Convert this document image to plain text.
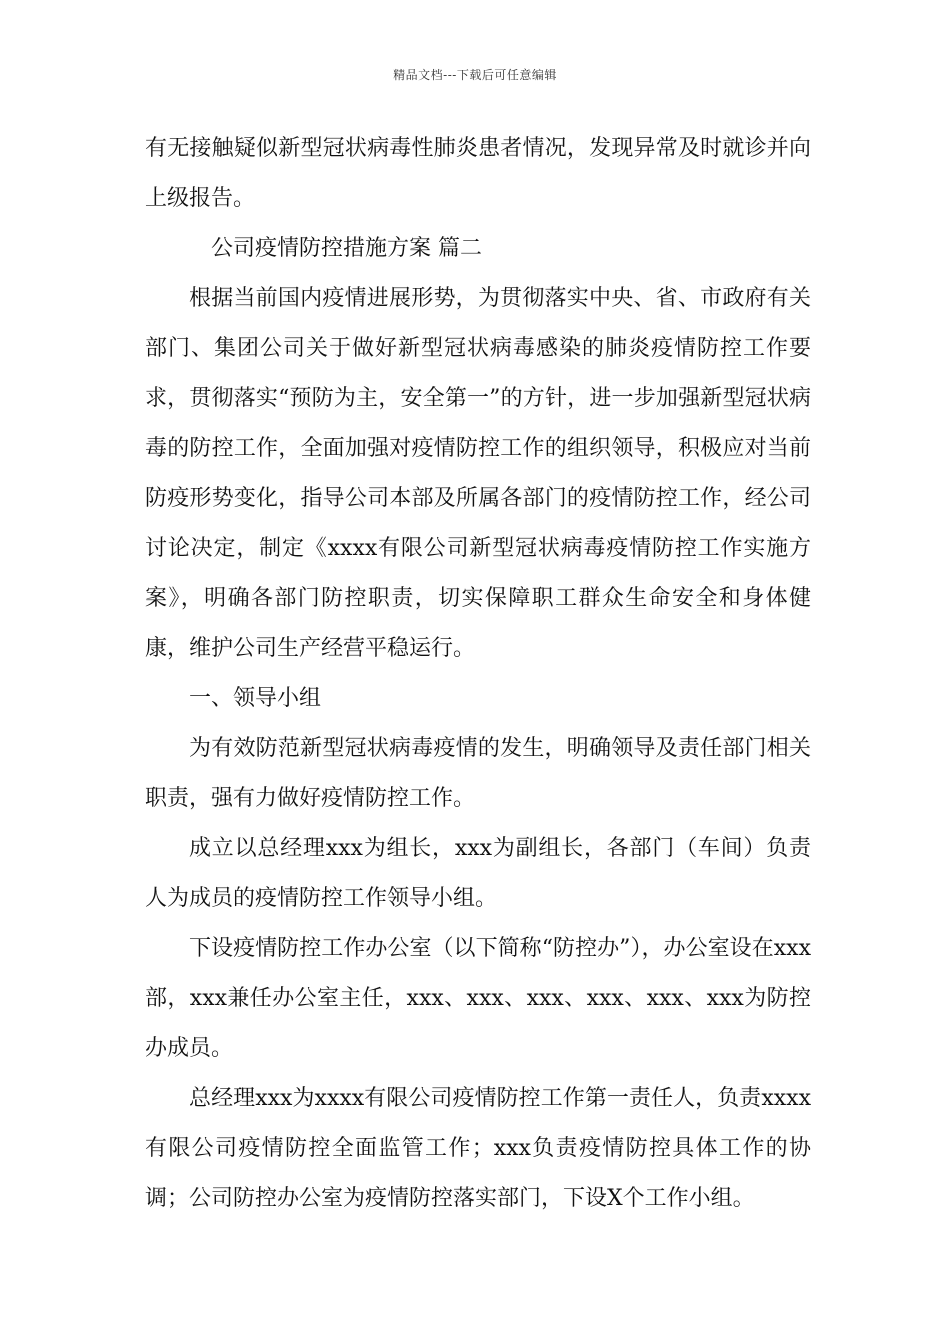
精品文档---下载后可任意编辑

有无接触疑似新型冠状病毒性肺炎患者情况，发现异常及时就诊并向上级报告。

公司疫情防控措施方案 篇二

根据当前国内疫情进展形势，为贯彻落实中央、省、市政府有关部门、集团公司关于做好新型冠状病毒感染的肺炎疫情防控工作要求，贯彻落实“预防为主，安全第一”的方针，进一步加强新型冠状病毒的防控工作，全面加强对疫情防控工作的组织领导，积极应对当前防疫形势变化，指导公司本部及所属各部门的疫情防控工作，经公司讨论决定，制定《xxxx有限公司新型冠状病毒疫情防控工作实施方案》，明确各部门防控职责，切实保障职工群众生命安全和身体健康，维护公司生产经营平稳运行。

一、领导小组

为有效防范新型冠状病毒疫情的发生，明确领导及责任部门相关职责，强有力做好疫情防控工作。

成立以总经理xxx为组长，xxx为副组长，各部门（车间）负责人为成员的疫情防控工作领导小组。

下设疫情防控工作办公室（以下简称“防控办”），办公室设在xxx部，xxx兼任办公室主任，xxx、xxx、xxx、xxx、xxx、xxx为防控办成员。

总经理xxx为xxxx有限公司疫情防控工作第一责任人，负责xxxx有限公司疫情防控全面监管工作；xxx负责疫情防控具体工作的协调；公司防控办公室为疫情防控落实部门，下设X个工作小组。
